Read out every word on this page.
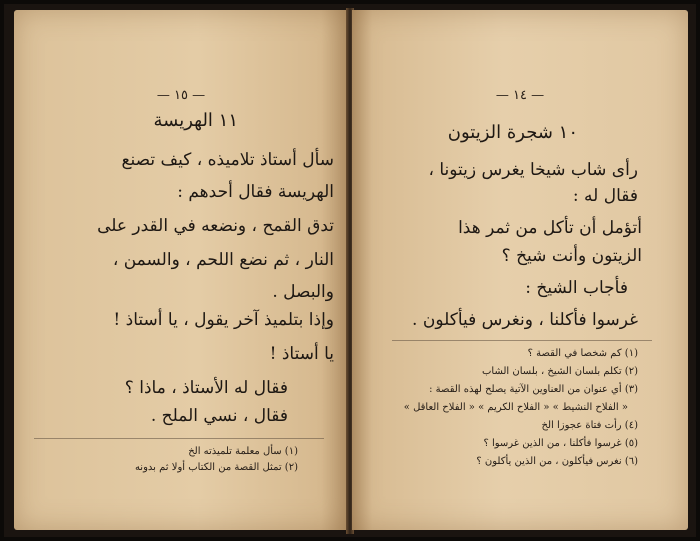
— ١٥ —
١١ الهريسة
سأل أستاذ تلاميذه ، كيف تصنع
الهريسة فقال أحدهم :
تدق القمح ، ونضعه في القدر على
النار ، ثم نضع اللحم ، والسمن ،
والبصل .
وإذا بتلميذ آخر يقول ، يا أستاذ !
يا أستاذ !
فقال له الأستاذ ، ماذا ؟
فقال ، نسي الملح .
(١) سأل معلمة تلميذته الخ
(٢) تمثل القصة من الكتاب أولا ثم بدونه
— ١٤ —
١٠ شجرة الزيتون
رأى شاب شيخا يغرس زيتونا ،
فقال له :
أتؤمل أن تأكل من ثمر هذا
الزيتون وأنت شيخ ؟
فأجاب الشيخ :
غرسوا فأكلنا ، ونغرس فيأكلون .
(١) كم شخصا في القصة ؟
(٢) تكلم بلسان الشيخ ، بلسان الشاب
(٣) أي عنوان من العناوين الآتية يصلح لهذه القصة :
« الفلاح النشيط » « الفلاح الكريم » « الفلاح العاقل »
(٤) رأت فتاة عجوزا الخ
(٥) غرسوا فأكلنا ، من الذين غرسوا ؟
(٦) نغرس فيأكلون ، من الذين يأكلون ؟
